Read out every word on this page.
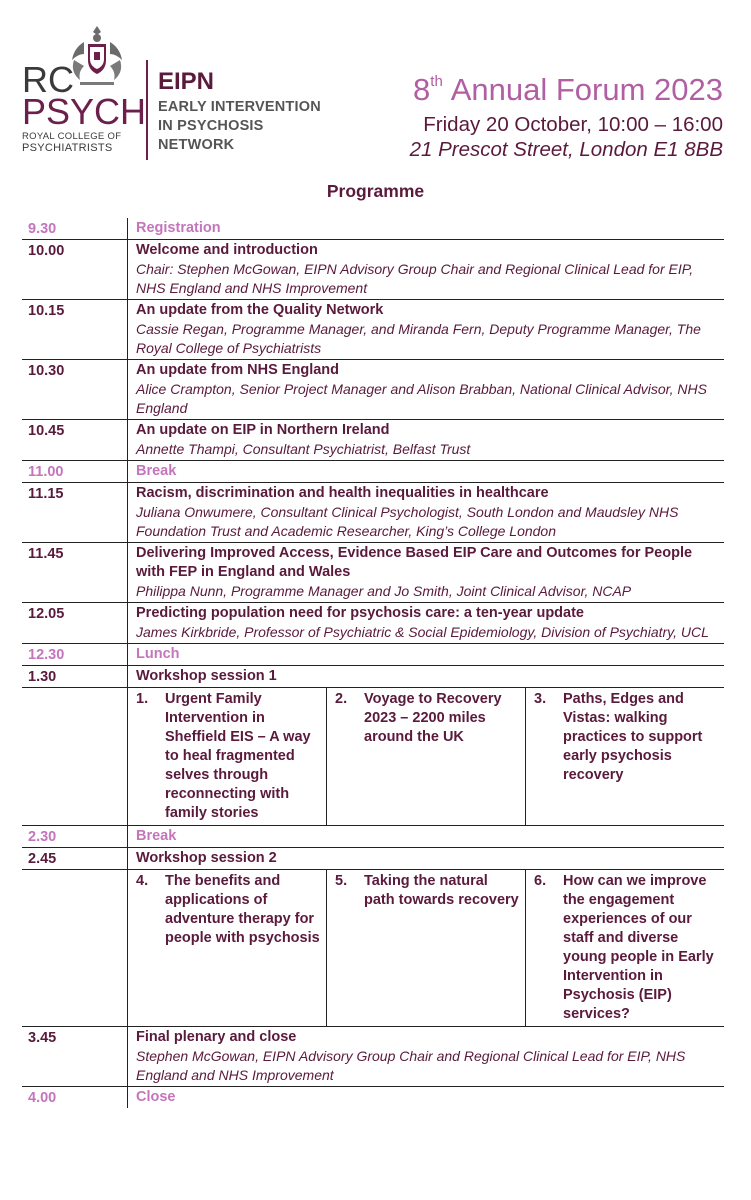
RC
PSYCH
ROYAL COLLEGE OF
PSYCHIATRISTS
EIPN
EARLY INTERVENTION
IN PSYCHOSIS
NETWORK
8th Annual Forum 2023
Friday 20 October, 10:00 – 16:00
21 Prescot Street, London E1 8BB
Programme
9.30	Registration
10.00	Welcome and introduction
Chair: Stephen McGowan, EIPN Advisory Group Chair and Regional Clinical Lead for EIP, NHS England and NHS Improvement
10.15	An update from the Quality Network
Cassie Regan, Programme Manager, and Miranda Fern, Deputy Programme Manager, The Royal College of Psychiatrists
10.30	An update from NHS England
Alice Crampton, Senior Project Manager and Alison Brabban, National Clinical Advisor, NHS England
10.45	An update on EIP in Northern Ireland
Annette Thampi, Consultant Psychiatrist, Belfast Trust
11.00	Break
11.15	Racism, discrimination and health inequalities in healthcare
Juliana Onwumere, Consultant Clinical Psychologist, South London and Maudsley NHS Foundation Trust and Academic Researcher, King’s College London
11.45	Delivering Improved Access, Evidence Based EIP Care and Outcomes for People with FEP in England and Wales
Philippa Nunn, Programme Manager and Jo Smith, Joint Clinical Advisor, NCAP
12.05	Predicting population need for psychosis care: a ten-year update
James Kirkbride, Professor of Psychiatric & Social Epidemiology, Division of Psychiatry, UCL
12.30	Lunch
1.30	Workshop session 1
1.	Urgent Family Intervention in Sheffield EIS – A way to heal fragmented selves through reconnecting with family stories
2.	Voyage to Recovery 2023 – 2200 miles around the UK
3.	Paths, Edges and Vistas: walking practices to support early psychosis recovery
2.30	Break
2.45	Workshop session 2
4.	The benefits and applications of adventure therapy for people with psychosis
5.	Taking the natural path towards recovery
6.	How can we improve the engagement experiences of our staff and diverse young people in Early Intervention in Psychosis (EIP) services?
3.45	Final plenary and close
Stephen McGowan, EIPN Advisory Group Chair and Regional Clinical Lead for EIP, NHS England and NHS Improvement
4.00	Close
